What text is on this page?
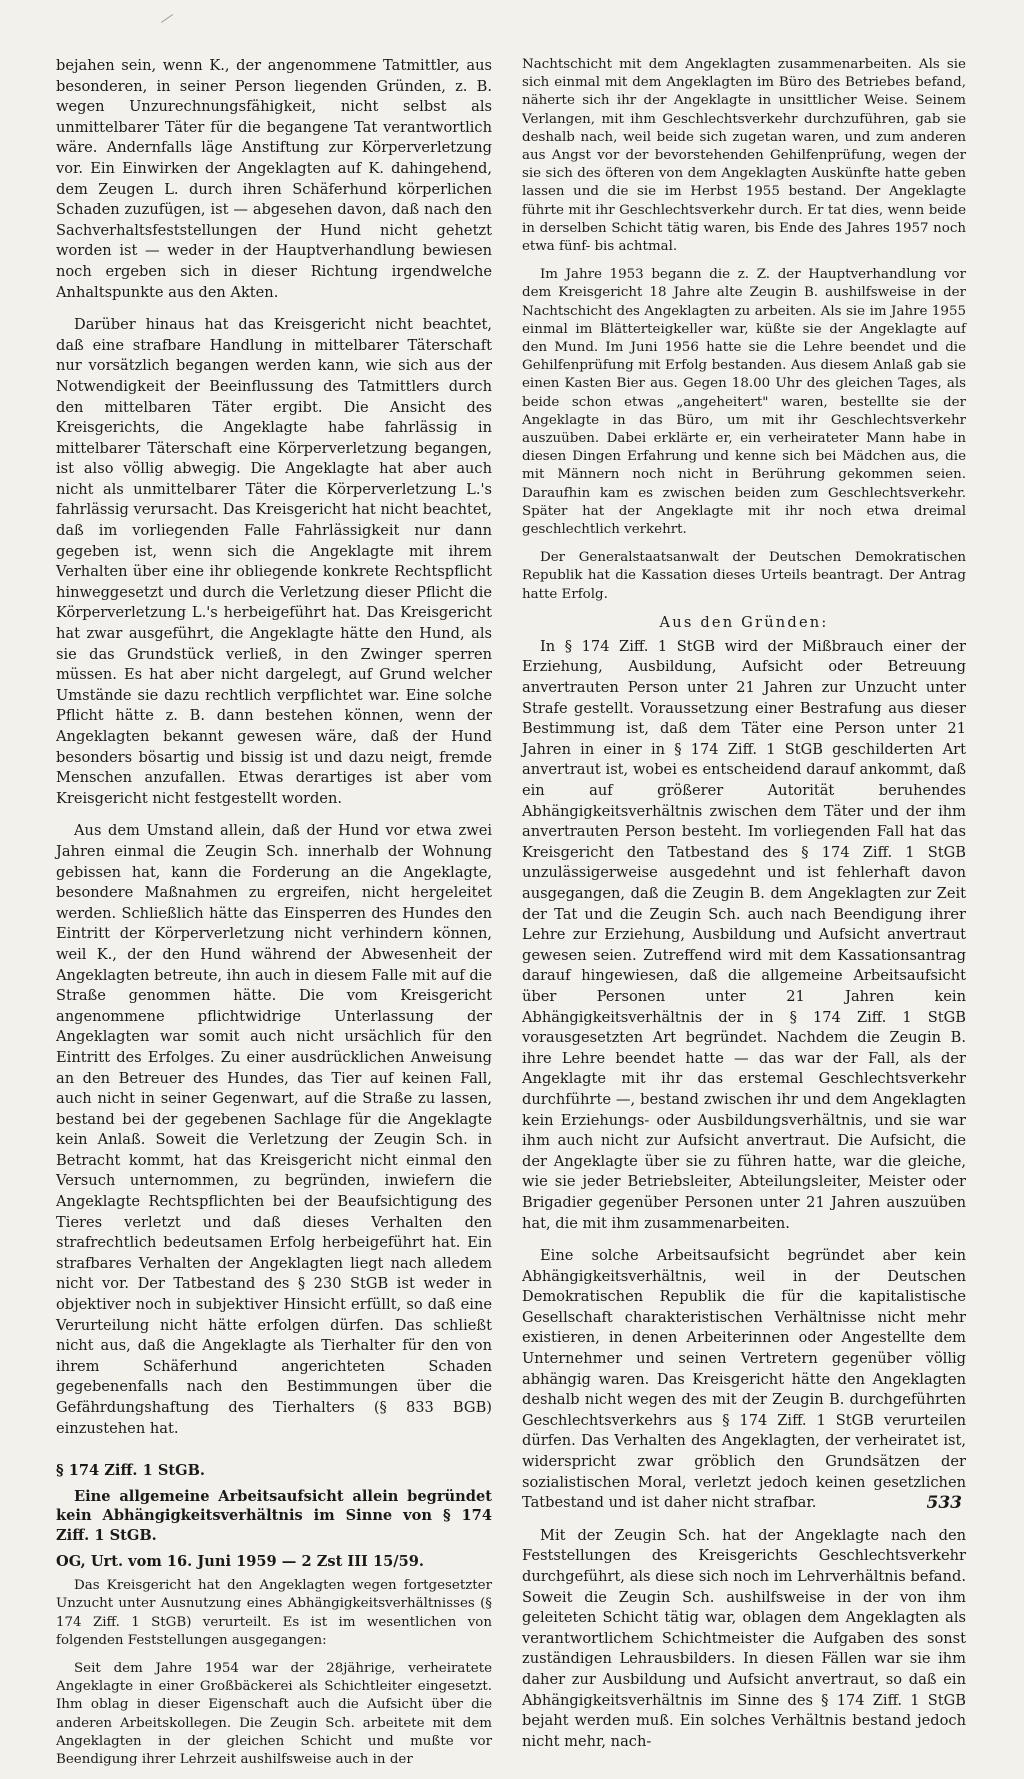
bejahen sein, wenn K., der angenommene Tatmittler, aus besonderen, in seiner Person liegenden Gründen, z. B. wegen Unzurechnungsfähigkeit, nicht selbst als unmittelbarer Täter für die begangene Tat verantwortlich wäre. Andernfalls läge Anstiftung zur Körperverletzung vor. Ein Einwirken der Angeklagten auf K. dahingehend, dem Zeugen L. durch ihren Schäferhund körperlichen Schaden zuzufügen, ist — abgesehen davon, daß nach den Sachverhaltsfeststellungen der Hund nicht gehetzt worden ist — weder in der Hauptverhandlung bewiesen noch ergeben sich in dieser Richtung irgendwelche Anhaltspunkte aus den Akten.

Darüber hinaus hat das Kreisgericht nicht beachtet, daß eine strafbare Handlung in mittelbarer Täterschaft nur vorsätzlich begangen werden kann, wie sich aus der Notwendigkeit der Beeinflussung des Tatmittlers durch den mittelbaren Täter ergibt. Die Ansicht des Kreisgerichts, die Angeklagte habe fahrlässig in mittelbarer Täterschaft eine Körperverletzung begangen, ist also völlig abwegig. Die Angeklagte hat aber auch nicht als unmittelbarer Täter die Körperverletzung L.'s fahrlässig verursacht. Das Kreisgericht hat nicht beachtet, daß im vorliegenden Falle Fahrlässigkeit nur dann gegeben ist, wenn sich die Angeklagte mit ihrem Verhalten über eine ihr obliegende konkrete Rechtspflicht hinweggesetzt und durch die Verletzung dieser Pflicht die Körperverletzung L.'s herbeigeführt hat. Das Kreisgericht hat zwar ausgeführt, die Angeklagte hätte den Hund, als sie das Grundstück verließ, in den Zwinger sperren müssen. Es hat aber nicht dargelegt, auf Grund welcher Umstände sie dazu rechtlich verpflichtet war. Eine solche Pflicht hätte z. B. dann bestehen können, wenn der Angeklagten bekannt gewesen wäre, daß der Hund besonders bösartig und bissig ist und dazu neigt, fremde Menschen anzufallen. Etwas derartiges ist aber vom Kreisgericht nicht festgestellt worden.

Aus dem Umstand allein, daß der Hund vor etwa zwei Jahren einmal die Zeugin Sch. innerhalb der Wohnung gebissen hat, kann die Forderung an die Angeklagte, besondere Maßnahmen zu ergreifen, nicht hergeleitet werden. Schließlich hätte das Einsperren des Hundes den Eintritt der Körperverletzung nicht verhindern können, weil K., der den Hund während der Abwesenheit der Angeklagten betreute, ihn auch in diesem Falle mit auf die Straße genommen hätte. Die vom Kreisgericht angenommene pflichtwidrige Unterlassung der Angeklagten war somit auch nicht ursächlich für den Eintritt des Erfolges. Zu einer ausdrücklichen Anweisung an den Betreuer des Hundes, das Tier auf keinen Fall, auch nicht in seiner Gegenwart, auf die Straße zu lassen, bestand bei der gegebenen Sachlage für die Angeklagte kein Anlaß. Soweit die Verletzung der Zeugin Sch. in Betracht kommt, hat das Kreisgericht nicht einmal den Versuch unternommen, zu begründen, inwiefern die Angeklagte Rechtspflichten bei der Beaufsichtigung des Tieres verletzt und daß dieses Verhalten den strafrechtlich bedeutsamen Erfolg herbeigeführt hat. Ein strafbares Verhalten der Angeklagten liegt nach alledem nicht vor. Der Tatbestand des § 230 StGB ist weder in objektiver noch in subjektiver Hinsicht erfüllt, so daß eine Verurteilung nicht hätte erfolgen dürfen. Das schließt nicht aus, daß die Angeklagte als Tierhalter für den von ihrem Schäferhund angerichteten Schaden gegebenenfalls nach den Bestimmungen über die Gefährdungshaftung des Tierhalters (§ 833 BGB) einzustehen hat.

§ 174 Ziff. 1 StGB.
Eine allgemeine Arbeitsaufsicht allein begründet kein Abhängigkeitsverhältnis im Sinne von § 174 Ziff. 1 StGB.
OG, Urt. vom 16. Juni 1959 — 2 Zst III 15/59.

Das Kreisgericht hat den Angeklagten wegen fortgesetzter Unzucht unter Ausnutzung eines Abhängigkeitsverhältnisses (§ 174 Ziff. 1 StGB) verurteilt. Es ist im wesentlichen von folgenden Feststellungen ausgegangen:

Seit dem Jahre 1954 war der 28jährige, verheiratete Angeklagte in einer Großbäckerei als Schichtleiter eingesetzt. Ihm oblag in dieser Eigenschaft auch die Aufsicht über die anderen Arbeitskollegen. Die Zeugin Sch. arbeitete mit dem Angeklagten in der gleichen Schicht und mußte vor Beendigung ihrer Lehrzeit aushilfsweise auch in der

Nachtschicht mit dem Angeklagten zusammenarbeiten. Als sie sich einmal mit dem Angeklagten im Büro des Betriebes befand, näherte sich ihr der Angeklagte in unsittlicher Weise. Seinem Verlangen, mit ihm Geschlechtsverkehr durchzuführen, gab sie deshalb nach, weil beide sich zugetan waren, und zum anderen aus Angst vor der bevorstehenden Gehilfenprüfung, wegen der sie sich des öfteren von dem Angeklagten Auskünfte hatte geben lassen und die sie im Herbst 1955 bestand. Der Angeklagte führte mit ihr Geschlechtsverkehr durch. Er tat dies, wenn beide in derselben Schicht tätig waren, bis Ende des Jahres 1957 noch etwa fünf- bis achtmal.

Im Jahre 1953 begann die z. Z. der Hauptverhandlung vor dem Kreisgericht 18 Jahre alte Zeugin B. aushilfsweise in der Nachtschicht des Angeklagten zu arbeiten. Als sie im Jahre 1955 einmal im Blätterteigkeller war, küßte sie der Angeklagte auf den Mund. Im Juni 1956 hatte sie die Lehre beendet und die Gehilfenprüfung mit Erfolg bestanden. Aus diesem Anlaß gab sie einen Kasten Bier aus. Gegen 18.00 Uhr des gleichen Tages, als beide schon etwas „angeheitert" waren, bestellte sie der Angeklagte in das Büro, um mit ihr Geschlechtsverkehr auszuüben. Dabei erklärte er, ein verheirateter Mann habe in diesen Dingen Erfahrung und kenne sich bei Mädchen aus, die mit Männern noch nicht in Berührung gekommen seien. Daraufhin kam es zwischen beiden zum Geschlechtsverkehr. Später hat der Angeklagte mit ihr noch etwa dreimal geschlechtlich verkehrt.

Der Generalstaatsanwalt der Deutschen Demokratischen Republik hat die Kassation dieses Urteils beantragt. Der Antrag hatte Erfolg.

Aus den Gründen:

In § 174 Ziff. 1 StGB wird der Mißbrauch einer der Erziehung, Ausbildung, Aufsicht oder Betreuung anvertrauten Person unter 21 Jahren zur Unzucht unter Strafe gestellt. Voraussetzung einer Bestrafung aus dieser Bestimmung ist, daß dem Täter eine Person unter 21 Jahren in einer in § 174 Ziff. 1 StGB geschilderten Art anvertraut ist, wobei es entscheidend darauf ankommt, daß ein auf größerer Autorität beruhendes Abhängigkeitsverhältnis zwischen dem Täter und der ihm anvertrauten Person besteht. Im vorliegenden Fall hat das Kreisgericht den Tatbestand des § 174 Ziff. 1 StGB unzulässigerweise ausgedehnt und ist fehlerhaft davon ausgegangen, daß die Zeugin B. dem Angeklagten zur Zeit der Tat und die Zeugin Sch. auch nach Beendigung ihrer Lehre zur Erziehung, Ausbildung und Aufsicht anvertraut gewesen seien. Zutreffend wird mit dem Kassationsantrag darauf hingewiesen, daß die allgemeine Arbeitsaufsicht über Personen unter 21 Jahren kein Abhängigkeitsverhältnis der in § 174 Ziff. 1 StGB vorausgesetzten Art begründet. Nachdem die Zeugin B. ihre Lehre beendet hatte — das war der Fall, als der Angeklagte mit ihr das erstemal Geschlechtsverkehr durchführte —, bestand zwischen ihr und dem Angeklagten kein Erziehungs- oder Ausbildungsverhältnis, und sie war ihm auch nicht zur Aufsicht anvertraut. Die Aufsicht, die der Angeklagte über sie zu führen hatte, war die gleiche, wie sie jeder Betriebsleiter, Abteilungsleiter, Meister oder Brigadier gegenüber Personen unter 21 Jahren auszuüben hat, die mit ihm zusammenarbeiten.

Eine solche Arbeitsaufsicht begründet aber kein Abhängigkeitsverhältnis, weil in der Deutschen Demokratischen Republik die für die kapitalistische Gesellschaft charakteristischen Verhältnisse nicht mehr existieren, in denen Arbeiterinnen oder Angestellte dem Unternehmer und seinen Vertretern gegenüber völlig abhängig waren. Das Kreisgericht hätte den Angeklagten deshalb nicht wegen des mit der Zeugin B. durchgeführten Geschlechtsverkehrs aus § 174 Ziff. 1 StGB verurteilen dürfen. Das Verhalten des Angeklagten, der verheiratet ist, widerspricht zwar gröblich den Grundsätzen der sozialistischen Moral, verletzt jedoch keinen gesetzlichen Tatbestand und ist daher nicht strafbar.

Mit der Zeugin Sch. hat der Angeklagte nach den Feststellungen des Kreisgerichts Geschlechtsverkehr durchgeführt, als diese sich noch im Lehrverhältnis befand. Soweit die Zeugin Sch. aushilfsweise in der von ihm geleiteten Schicht tätig war, oblagen dem Angeklagten als verantwortlichem Schichtmeister die Aufgaben des sonst zuständigen Lehrausbilders. In diesen Fällen war sie ihm daher zur Ausbildung und Aufsicht anvertraut, so daß ein Abhängigkeitsverhältnis im Sinne des § 174 Ziff. 1 StGB bejaht werden muß. Ein solches Verhältnis bestand jedoch nicht mehr, nach-

533
